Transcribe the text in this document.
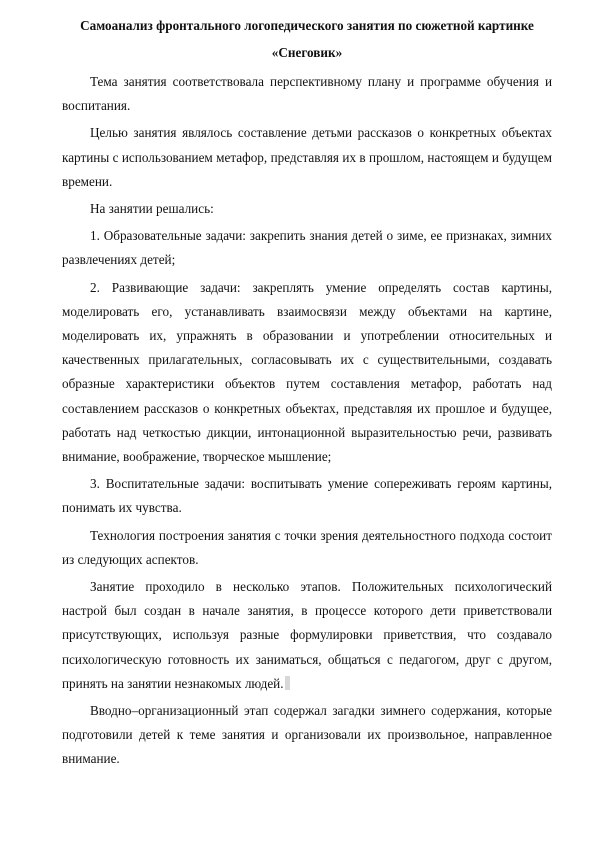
Самоанализ фронтального логопедического занятия по сюжетной картинке
«Снеговик»

Тема занятия соответствовала перспективному плану и программе обучения и воспитания.

Целью занятия являлось составление детьми рассказов о конкретных объектах картины с использованием метафор, представляя их в прошлом, настоящем и будущем времени.

На занятии решались:

1. Образовательные задачи: закрепить знания детей о зиме, ее признаках, зимних развлечениях детей;

2. Развивающие задачи: закреплять умение определять состав картины, моделировать его, устанавливать взаимосвязи между объектами на картине, моделировать их, упражнять в образовании и употреблении относительных и качественных прилагательных, согласовывать их с существительными, создавать образные характеристики объектов путем составления метафор, работать над составлением рассказов о конкретных объектах, представляя их прошлое и будущее, работать над четкостью дикции, интонационной выразительностью речи, развивать внимание, воображение, творческое мышление;

3. Воспитательные задачи: воспитывать умение сопереживать героям картины, понимать их чувства.

Технология построения занятия с точки зрения деятельностного подхода состоит из следующих аспектов.

Занятие проходило в несколько этапов. Положительных психологический настрой был создан в начале занятия, в процессе которого дети приветствовали присутствующих, используя разные формулировки приветствия, что создавало психологическую готовность их заниматься, общаться с педагогом, друг с другом, принять на занятии незнакомых людей.

Вводно–организационный этап содержал загадки зимнего содержания, которые подготовили детей к теме занятия и организовали их произвольное, направленное внимание.
